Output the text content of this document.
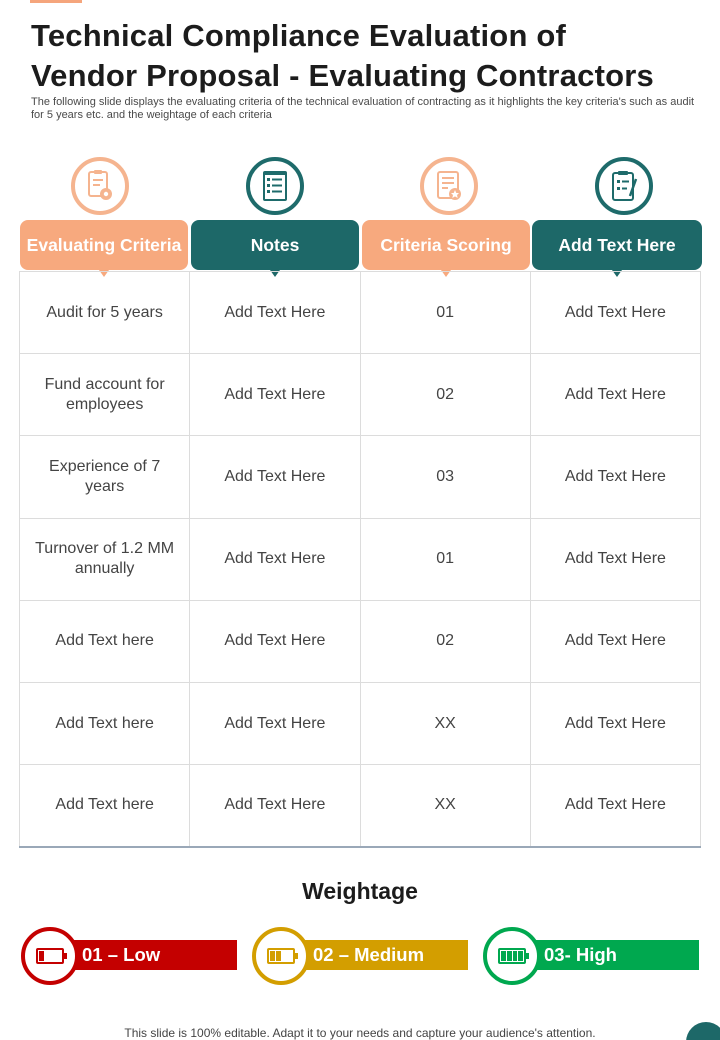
Technical Compliance Evaluation of
Vendor Proposal - Evaluating Contractors
The following slide displays the evaluating criteria of the technical evaluation of contracting as it highlights the key criteria's such as audit for 5 years etc. and the weightage of each criteria
Evaluating Criteria	Notes	Criteria Scoring	Add Text Here
Audit for 5 years	Add Text Here	01	Add Text Here
Fund account for employees	Add Text Here	02	Add Text Here
Experience of 7 years	Add Text Here	03	Add Text Here
Turnover of 1.2 MM annually	Add Text Here	01	Add Text Here
Add Text here	Add Text Here	02	Add Text Here
Add Text here	Add Text Here	XX	Add Text Here
Add Text here	Add Text Here	XX	Add Text Here
Weightage
01 – Low	02 – Medium	03- High
This slide is 100% editable. Adapt it to your needs and capture your audience's attention.
